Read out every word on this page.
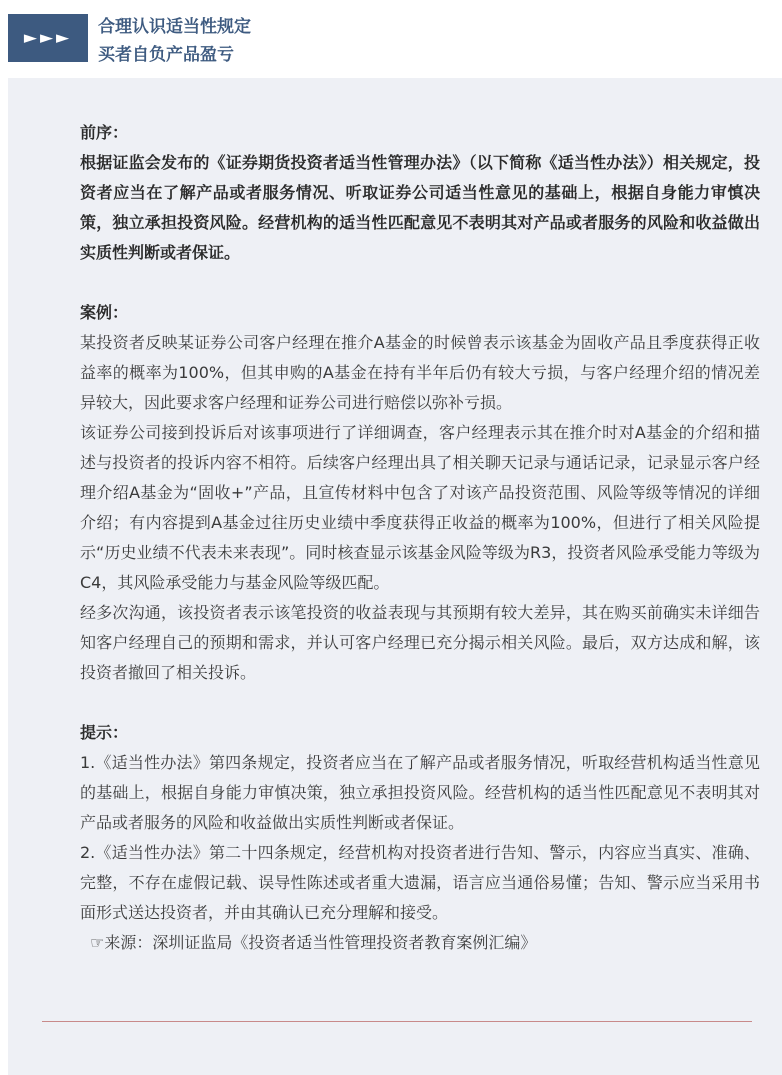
►►►
合理认识适当性规定
买者自负产品盈亏

前序：

根据证监会发布的《证券期货投资者适当性管理办法》（以下简称《适当性办法》）相关规定，投资者应当在了解产品或者服务情况、听取证券公司适当性意见的基础上，根据自身能力审慎决策，独立承担投资风险。经营机构的适当性匹配意见不表明其对产品或者服务的风险和收益做出实质性判断或者保证。

案例：

某投资者反映某证券公司客户经理在推介A基金的时候曾表示该基金为固收产品且季度获得正收益率的概率为100%，但其申购的A基金在持有半年后仍有较大亏损，与客户经理介绍的情况差异较大，因此要求客户经理和证券公司进行赔偿以弥补亏损。

该证券公司接到投诉后对该事项进行了详细调查，客户经理表示其在推介时对A基金的介绍和描述与投资者的投诉内容不相符。后续客户经理出具了相关聊天记录与通话记录，记录显示客户经理介绍A基金为“固收+”产品，且宣传材料中包含了对该产品投资范围、风险等级等情况的详细介绍；有内容提到A基金过往历史业绩中季度获得正收益的概率为100%，但进行了相关风险提示“历史业绩不代表未来表现”。同时核查显示该基金风险等级为R3，投资者风险承受能力等级为C4，其风险承受能力与基金风险等级匹配。

经多次沟通，该投资者表示该笔投资的收益表现与其预期有较大差异，其在购买前确实未详细告知客户经理自己的预期和需求，并认可客户经理已充分揭示相关风险。最后，双方达成和解，该投资者撤回了相关投诉。

提示：

1.《适当性办法》第四条规定，投资者应当在了解产品或者服务情况，听取经营机构适当性意见的基础上，根据自身能力审慎决策，独立承担投资风险。经营机构的适当性匹配意见不表明其对产品或者服务的风险和收益做出实质性判断或者保证。

2.《适当性办法》第二十四条规定，经营机构对投资者进行告知、警示，内容应当真实、准确、完整，不存在虚假记载、误导性陈述或者重大遗漏，语言应当通俗易懂；告知、警示应当采用书面形式送达投资者，并由其确认已充分理解和接受。

☞来源：深圳证监局《投资者适当性管理投资者教育案例汇编》
